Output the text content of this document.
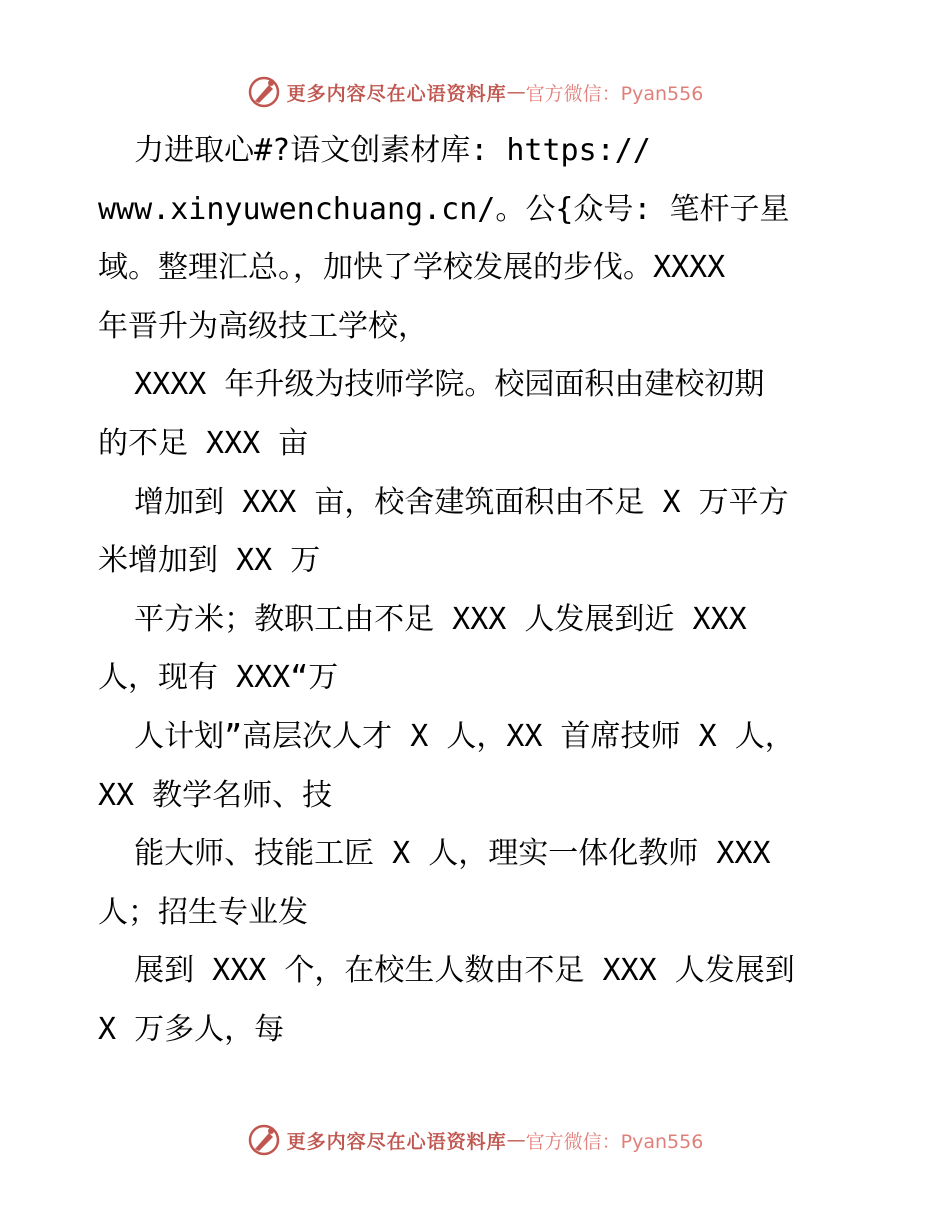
更多内容尽在心语资料库 — 官方微信：Pyan556
力进取心#?语文创素材库: https://
www.xinyuwenchuang.cn/。公{众号: 笔杆子星
域。整理汇总。，加快了学校发展的步伐。XXXX
年晋升为高级技工学校，
XXXX 年升级为技师学院。校园面积由建校初期
的不足 XXX 亩
增加到 XXX 亩，校舍建筑面积由不足 X 万平方
米增加到 XX 万
平方米；教职工由不足 XXX 人发展到近 XXX
人，现有 XXX“万
人计划”高层次人才 X 人，XX 首席技师 X 人，
XX 教学名师、技
能大师、技能工匠 X 人，理实一体化教师 XXX
人；招生专业发
展到 XXX 个，在校生人数由不足 XXX 人发展到
X 万多人，每
更多内容尽在心语资料库 — 官方微信：Pyan556
